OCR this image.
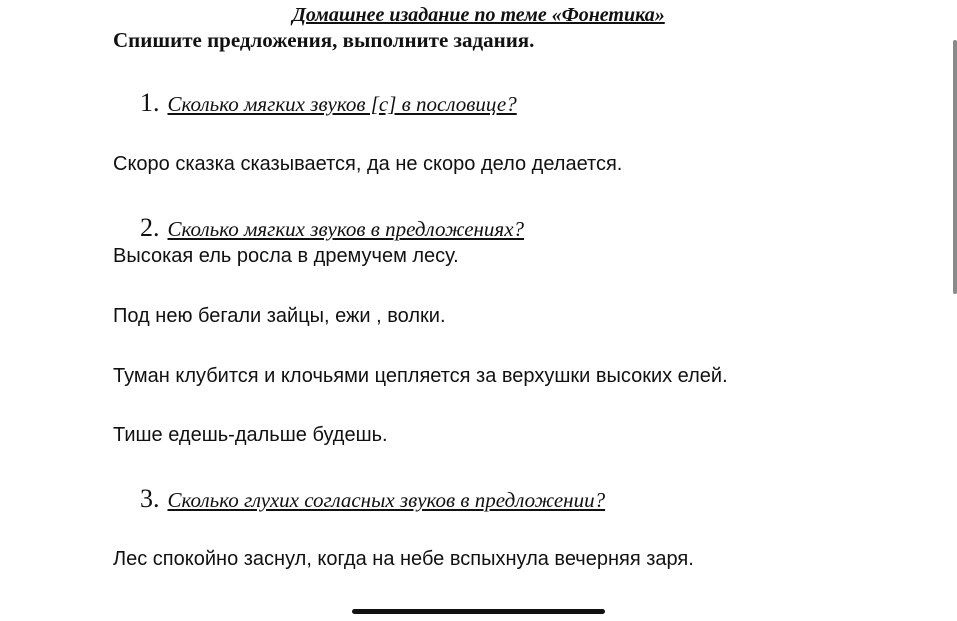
Домашнее изадание по теме «Фонетика»

Спишите предложения, выполните задания.

1. Сколько мягких звуков [с] в пословице?

Скоро сказка сказывается, да не скоро дело делается.

2. Сколько мягких звуков в предложениях?

Высокая ель росла в дремучем лесу.

Под нею бегали зайцы, ежи , волки.

Туман клубится и клочьями цепляется за верхушки высоких елей.

Тише едешь-дальше будешь.

3. Сколько глухих согласных звуков в предложении?

Лес спокойно заснул, когда на небе вспыхнула вечерняя заря.
